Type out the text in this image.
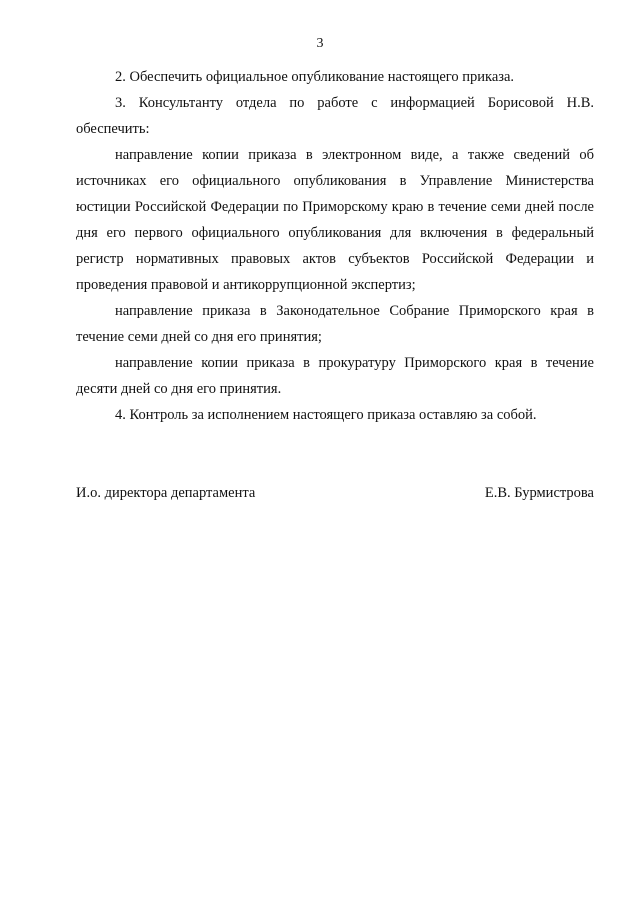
3

2. Обеспечить официальное опубликование настоящего приказа.

3. Консультанту отдела по работе с информацией Борисовой Н.В. обеспечить:

направление копии приказа в электронном виде, а также сведений об источниках его официального опубликования в Управление Министерства юстиции Российской Федерации по Приморскому краю в течение семи дней после дня его первого официального опубликования для включения в федеральный регистр нормативных правовых актов субъектов Российской Федерации и проведения правовой и антикоррупционной экспертиз;

направление приказа в Законодательное Собрание Приморского края в течение семи дней со дня его принятия;

направление копии приказа в прокуратуру Приморского края в течение десяти дней со дня его принятия.

4. Контроль за исполнением настоящего приказа оставляю за собой.

И.о. директора департамента	Е.В. Бурмистрова
